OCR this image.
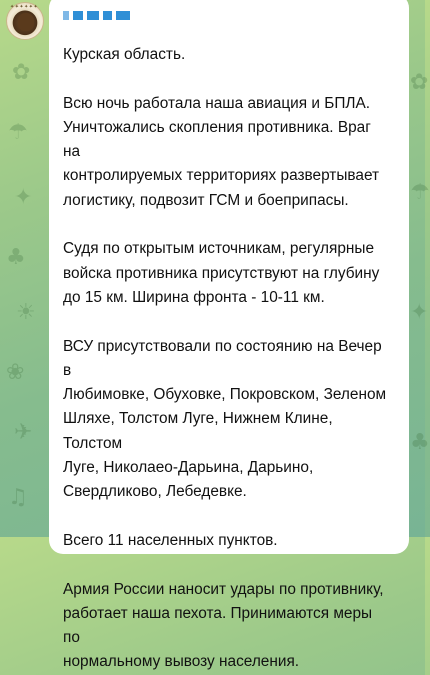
✿
☂
✦
♣
☀
❀
✈
♫
✿
☂
✦
♣
✦✦✦✦✦✦

Курская область.

Всю ночь работала наша авиация и БПЛА.
Уничтожались скопления противника. Враг на
контролируемых территориях развертывает
логистику, подвозит ГСМ и боеприпасы.

Судя по открытым источникам, регулярные
войска противника присутствуют на глубину
до 15 км. Ширина фронта - 10-11 км.

ВСУ присутствовали по состоянию на Вечер в
Любимовке, Обуховке, Покровском, Зеленом
Шляхе, Толстом Луге, Нижнем Клине, Толстом
Луге, Николаео-Дарьина, Дарьино,
Свердликово, Лебедевке.

Всего 11 населенных пунктов.

Армия России наносит удары по противнику,
работает наша пехота. Принимаются меры по
нормальному вывозу населения.
